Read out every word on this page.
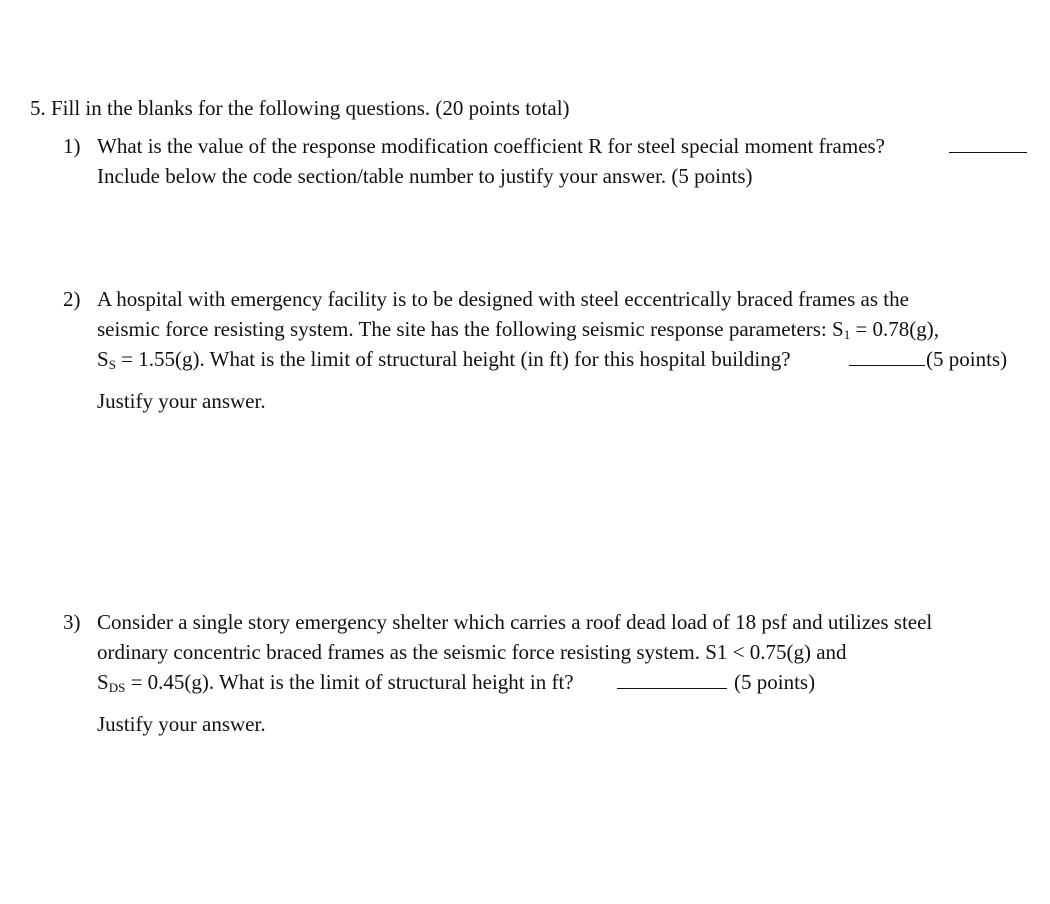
5. Fill in the blanks for the following questions. (20 points total)
1) What is the value of the response modification coefficient R for steel special moment frames?
Include below the code section/table number to justify your answer. (5 points)
2) A hospital with emergency facility is to be designed with steel eccentrically braced frames as the
seismic force resisting system. The site has the following seismic response parameters: $S_1 = 0.78(g)$,
$S_S = 1.55(g)$. What is the limit of structural height (in ft) for this hospital building?	(5 points)
Justify your answer.
3) Consider a single story emergency shelter which carries a roof dead load of 18 psf and utilizes steel
ordinary concentric braced frames as the seismic force resisting system. S1 < 0.75(g) and
$S_{DS} = 0.45(g)$. What is the limit of structural height in ft?	(5 points)
Justify your answer.
